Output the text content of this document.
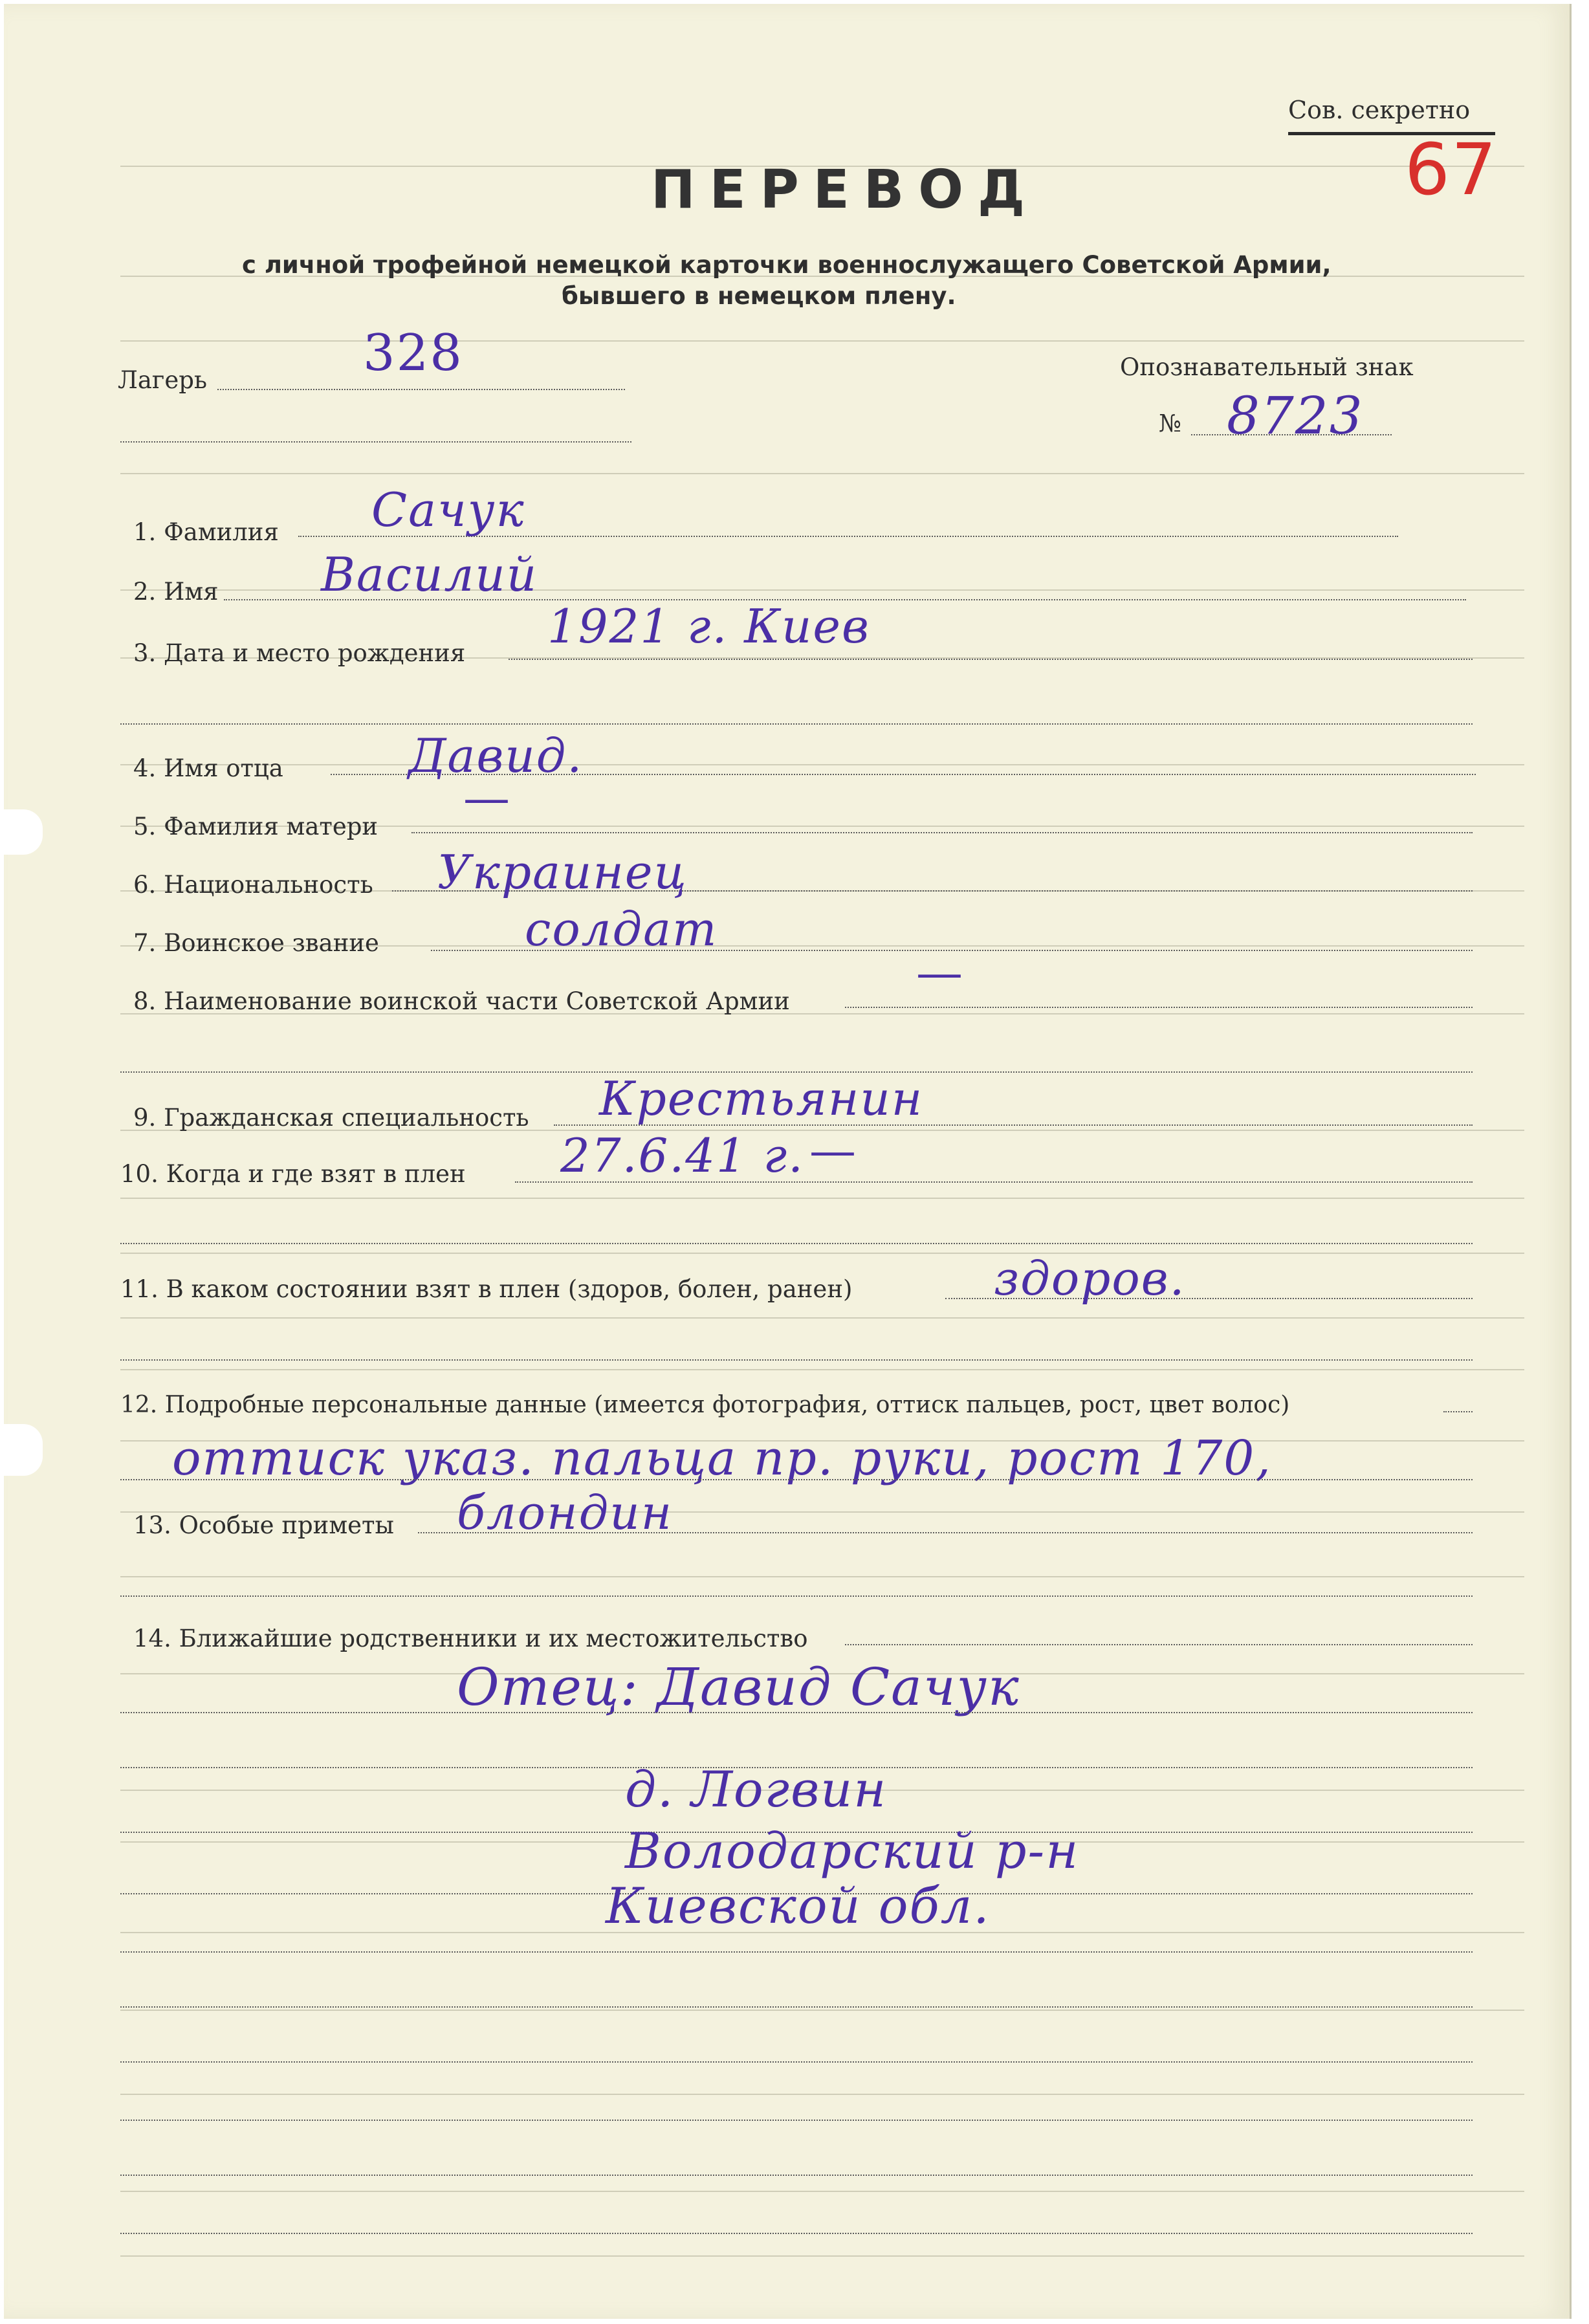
Сов. секретно
67
ПЕРЕВОД
с личной трофейной немецкой карточки военнослужащего Советской Армии,
бывшего в немецком плену.
Лагерь	328	Опознавательный знак
№ 8723
1. Фамилия Сачук
2. Имя Василий
3. Дата и место рождения 1921 г. Киев
4. Имя отца	Давид.
5. Фамилия матери
—
6. Национальность Украинец
7. Воинское звание	солдат
8. Наименование воинской части Советской Армии
—
9. Гражданская специальность Крестьянин
10. Когда и где взят в плен 27.6.41 г. —
11. В каком состоянии взят в плен (здоров, болен, ранен)	здоров.
12. Подробные персональные данные (имеется фотография, оттиск пальцев, рост, цвет волос)
оттиск указ. пальца пр. руки, рост 170,
13. Особые приметы блондин
14. Ближайшие родственники и их местожительство
Отец: Давид Сачук
д. Логвин
Володарский р-н
Киевской обл.
